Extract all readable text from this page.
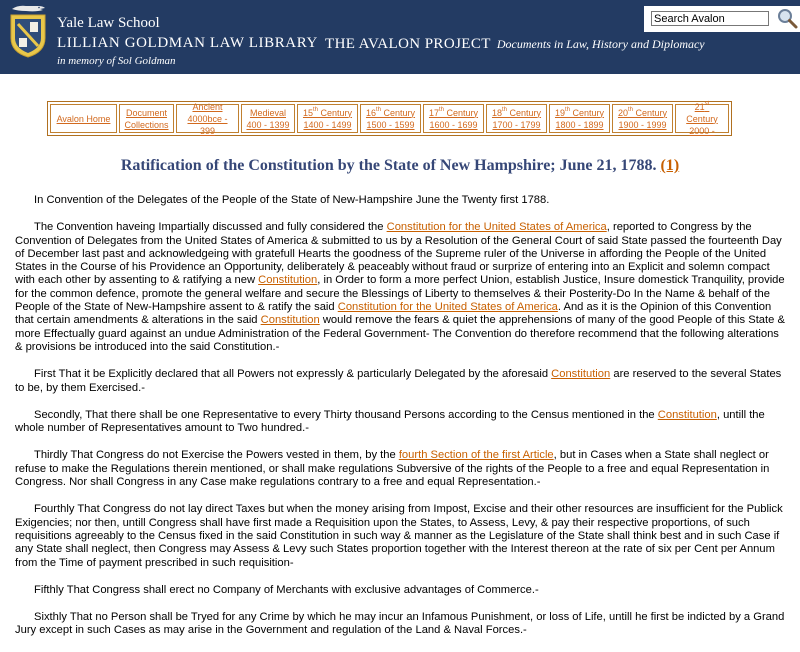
Yale Law School
LILLIAN GOLDMAN LAW LIBRARY
in memory of Sol Goldman
THE AVALON PROJECT Documents in Law, History and Diplomacy
Search Avalon
Avalon Home
Document
Collections
Ancient
4000bce - 399
Medieval
400 - 1399
15th Century
1400 - 1499
16th Century
1500 - 1599
17th Century
1600 - 1699
18th Century
1700 - 1799
19th Century
1800 - 1899
20th Century
1900 - 1999
21st Century
2000 -
Ratification of the Constitution by the State of New Hampshire; June 21, 1788. (1)

In Convention of the Delegates of the People of the State of New-Hampshire June the Twenty first 1788.

The Convention haveing Impartially discussed and fully considered the Constitution for the United States of America, reported to Congress by the Convention of Delegates from the United States of America & submitted to us by a Resolution of the General Court of said State passed the fourteenth Day of December last past and acknowledgeing with gratefull Hearts the goodness of the Supreme ruler of the Universe in affording the People of the United States in the Course of his Providence an Opportunity, deliberately & peaceably without fraud or surprize of entering into an Explicit and solemn compact with each other by assenting to & ratifying a new Constitution, in Order to form a more perfect Union, establish Justice, Insure domestick Tranquility, provide for the common defence, promote the general welfare and secure the Blessings of Liberty to themselves & their Posterity-Do In the Name & behalf of the People of the State of New-Hampshire assent to & ratify the said Constitution for the United States of America. And as it is the Opinion of this Convention that certain amendments & alterations in the said Constitution would remove the fears & quiet the apprehensions of many of the good People of this State & more Effectually guard against an undue Administration of the Federal Government- The Convention do therefore recommend that the following alterations & provisions be introduced into the said Constitution.-

First That it be Explicitly declared that all Powers not expressly & particularly Delegated by the aforesaid Constitution are reserved to the several States to be, by them Exercised.-

Secondly, That there shall be one Representative to every Thirty thousand Persons according to the Census mentioned in the Constitution, untill the whole number of Representatives amount to Two hundred.-

Thirdly That Congress do not Exercise the Powers vested in them, by the fourth Section of the first Article, but in Cases when a State shall neglect or refuse to make the Regulations therein mentioned, or shall make regulations Subversive of the rights of the People to a free and equal Representation in Congress. Nor shall Congress in any Case make regulations contrary to a free and equal Representation.-

Fourthly That Congress do not lay direct Taxes but when the money arising from Impost, Excise and their other resources are insufficient for the Publick Exigencies; nor then, untill Congress shall have first made a Requisition upon the States, to Assess, Levy, & pay their respective proportions, of such requisitions agreeably to the Census fixed in the said Constitution in such way & manner as the Legislature of the State shall think best and in such Case if any State shall neglect, then Congress may Assess & Levy such States proportion together with the Interest thereon at the rate of six per Cent per Annum from the Time of payment prescribed in such requisition-

Fifthly That Congress shall erect no Company of Merchants with exclusive advantages of Commerce.-

Sixthly That no Person shall be Tryed for any Crime by which he may incur an Infamous Punishment, or loss of Life, untill he first be indicted by a Grand Jury except in such Cases as may arise in the Government and regulation of the Land & Naval Forces.-
